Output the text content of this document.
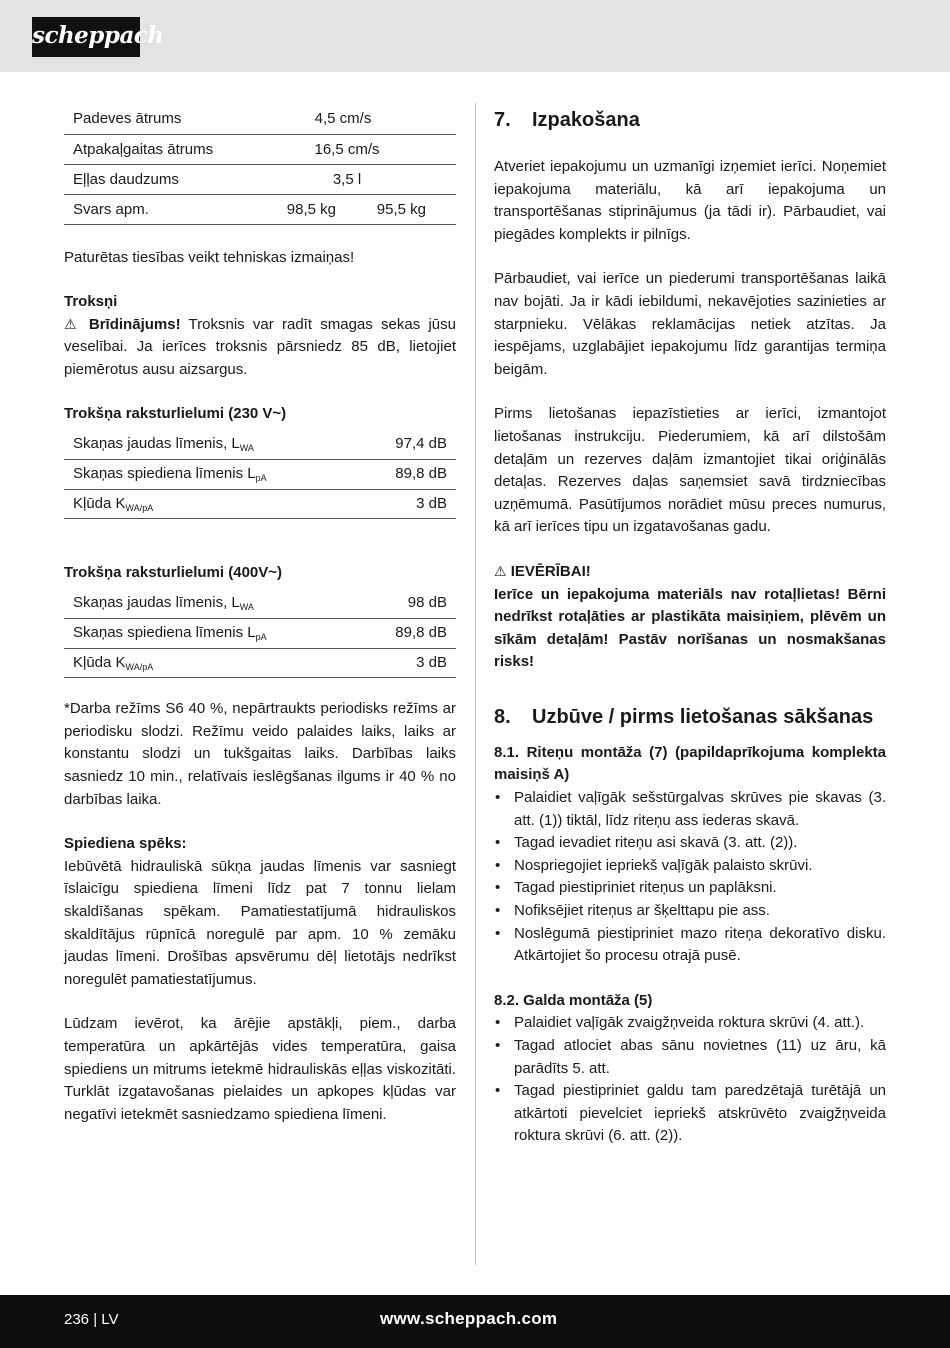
scheppach
Padeves ātrums	4,5 cm/s	
Atpakaļgaitas ātrums	16,5 cm/s	
Eļļas daudzums	3,5 l	
Svars apm.	98,5 kg	95,5 kg

Paturētas tiesības veikt tehniskas izmaiņas!

Troksņi

⚠ Brīdinājums! Troksnis var radīt smagas sekas jūsu veselībai. Ja ierīces troksnis pārsniedz 85 dB, lietojiet piemērotus ausu aizsargus.

Trokšņa raksturlielumi (230 V~)

Skaņas jaudas līmenis, $L_{WA}$	97,4 dB
Skaņas spiediena līmenis $L_{pA}$	89,8 dB
Kļūda $K_{WA/pA}$	3 dB

Trokšņa raksturlielumi (400V~)

Skaņas jaudas līmenis, $L_{WA}$	98 dB
Skaņas spiediena līmenis $L_{pA}$	89,8 dB
Kļūda $K_{WA/pA}$	3 dB

*Darba režīms S6 40 %, nepārtraukts periodisks režīms ar periodisku slodzi. Režīmu veido palaides laiks, laiks ar konstantu slodzi un tukšgaitas laiks. Darbības laiks sasniedz 10 min., relatīvais ieslēgšanas ilgums ir 40 % no darbības laika.

Spiediena spēks:

Iebūvētā hidrauliskā sūkņa jaudas līmenis var sasniegt īslaicīgu spiediena līmeni līdz pat 7 tonnu lielam skaldīšanas spēkam. Pamatiestatījumā hidrauliskos skaldītājus rūpnīcā noregulē par apm. 10 % zemāku jaudas līmeni. Drošības apsvērumu dēļ lietotājs nedrīkst noregulēt pamatiestatījumus.

Lūdzam ievērot, ka ārējie apstākļi, piem., darba temperatūra un apkārtējās vides temperatūra, gaisa spiediens un mitrums ietekmē hidrauliskās eļļas viskozitāti. Turklāt izgatavošanas pielaides un apkopes kļūdas var negatīvi ietekmēt sasniedzamo spiediena līmeni.

7. Izpakošana

Atveriet iepakojumu un uzmanīgi izņemiet ierīci. Noņemiet iepakojuma materiālu, kā arī iepakojuma un transportēšanas stiprinājumus (ja tādi ir). Pārbaudiet, vai piegādes komplekts ir pilnīgs.

Pārbaudiet, vai ierīce un piederumi transportēšanas laikā nav bojāti. Ja ir kādi iebildumi, nekavējoties sazinieties ar starpnieku. Vēlākas reklamācijas netiek atzītas. Ja iespējams, uzglabājiet iepakojumu līdz garantijas termiņa beigām.

Pirms lietošanas iepazīstieties ar ierīci, izmantojot lietošanas instrukciju. Piederumiem, kā arī dilstošām detaļām un rezerves daļām izmantojiet tikai oriģinālās detaļas. Rezerves daļas saņemsiet savā tirdzniecības uzņēmumā. Pasūtījumos norādiet mūsu preces numurus, kā arī ierīces tipu un izgatavošanas gadu.

⚠ IEVĒRĪBAI!

Ierīce un iepakojuma materiāls nav rotaļlietas! Bērni nedrīkst rotaļāties ar plastikāta maisiņiem, plēvēm un sīkām detaļām! Pastāv norīšanas un nosmakšanas risks!

8. Uzbūve / pirms lietošanas sākšanas

8.1. Riteņu montāža (7) (papildaprīkojuma komplekta maisiņš A)

• Palaidiet vaļīgāk sešstūrgalvas skrūves pie skavas (3. att. (1)) tiktāl, līdz riteņu ass iederas skavā.
• Tagad ievadiet riteņu asi skavā (3. att. (2)).
• Nospriegojiet iepriekš vaļīgāk palaisto skrūvi.
• Tagad piestipriniet riteņus un paplāksni.
• Nofiksējiet riteņus ar šķelttapu pie ass.
• Noslēgumā piestipriniet mazo riteņa dekoratīvo disku. Atkārtojiet šo procesu otrajā pusē.

8.2. Galda montāža (5)

• Palaidiet vaļīgāk zvaigžņveida roktura skrūvi (4. att.).
• Tagad atlociet abas sānu novietnes (11) uz āru, kā parādīts 5. att.
• Tagad piestipriniet galdu tam paredzētajā turētājā un atkārtoti pievelciet iepriekš atskrūvēto zvaigžņveida roktura skrūvi (6. att. (2)).
236 | LV	www.scheppach.com
